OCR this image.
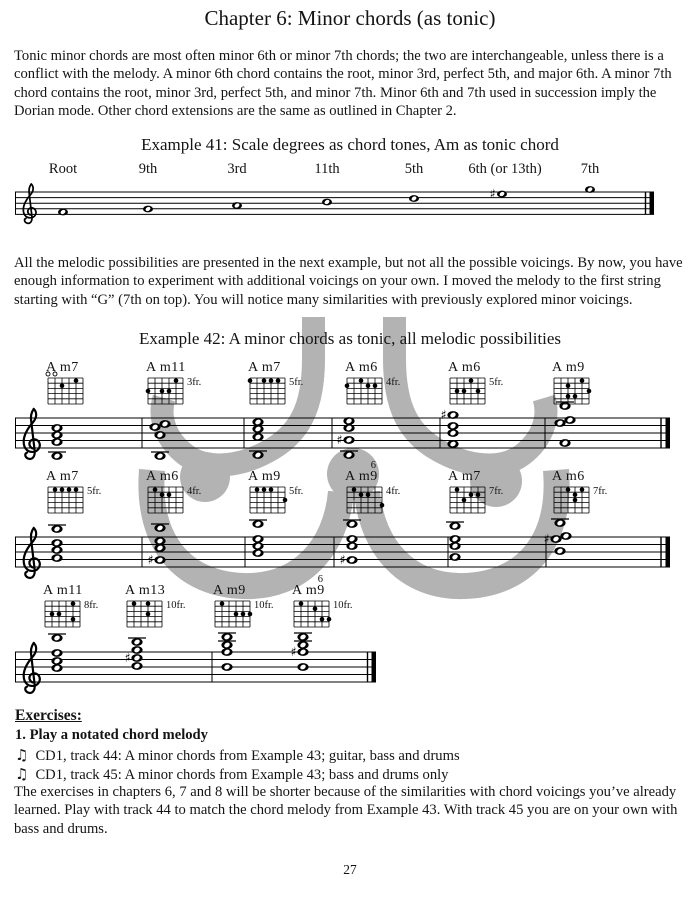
♯
♯
♯
3fr.	5fr.	4fr.	5fr.
♯	♯
♯
5fr.	4fr.	5fr.	4fr.	7fr.	7fr.
♯	♯
8fr.	10fr.	10fr.	10fr.
Chapter 6: Minor chords (as tonic)
Tonic minor chords are most often minor 6th or minor 7th chords; the two are interchangeable, unless there is a conflict with the melody. A minor 6th chord contains the root, minor 3rd, perfect 5th, and major 6th. A minor 7th chord contains the root, minor 3rd, perfect 5th, and minor 7th. Minor 6th and 7th used in succession imply the Dorian mode. Other chord extensions are the same as outlined in Chapter 2.
Example 41: Scale degrees as chord tones, Am as tonic chord
Root	9th	3rd	11th	5th	6th (or 13th)	7th
All the melodic possibilities are presented in the next example, but not all the possible voicings. By now, you have enough information to experiment with additional voicings on your own. I moved the melody to the first string starting with “G” (7th on top). You will notice many similarities with previously explored minor voicings.
Example 42: A minor chords as tonic, all melodic possibilities
A m7	A m11	A m7	A m6	A m6	A m9
A m7	A m6	A m9	A m9
6
A m7	A m6
A m11	A m13	A m9	A m9
6
Exercises:
1. Play a notated chord melody
♫ CD1, track 44: A minor chords from Example 43; guitar, bass and drums
♫ CD1, track 45: A minor chords from Example 43; bass and drums only
The exercises in chapters 6, 7 and 8 will be shorter because of the similarities with chord voicings you’ve already learned. Play with track 44 to match the chord melody from Example 43. With track 45 you are on your own with bass and drums.
27
